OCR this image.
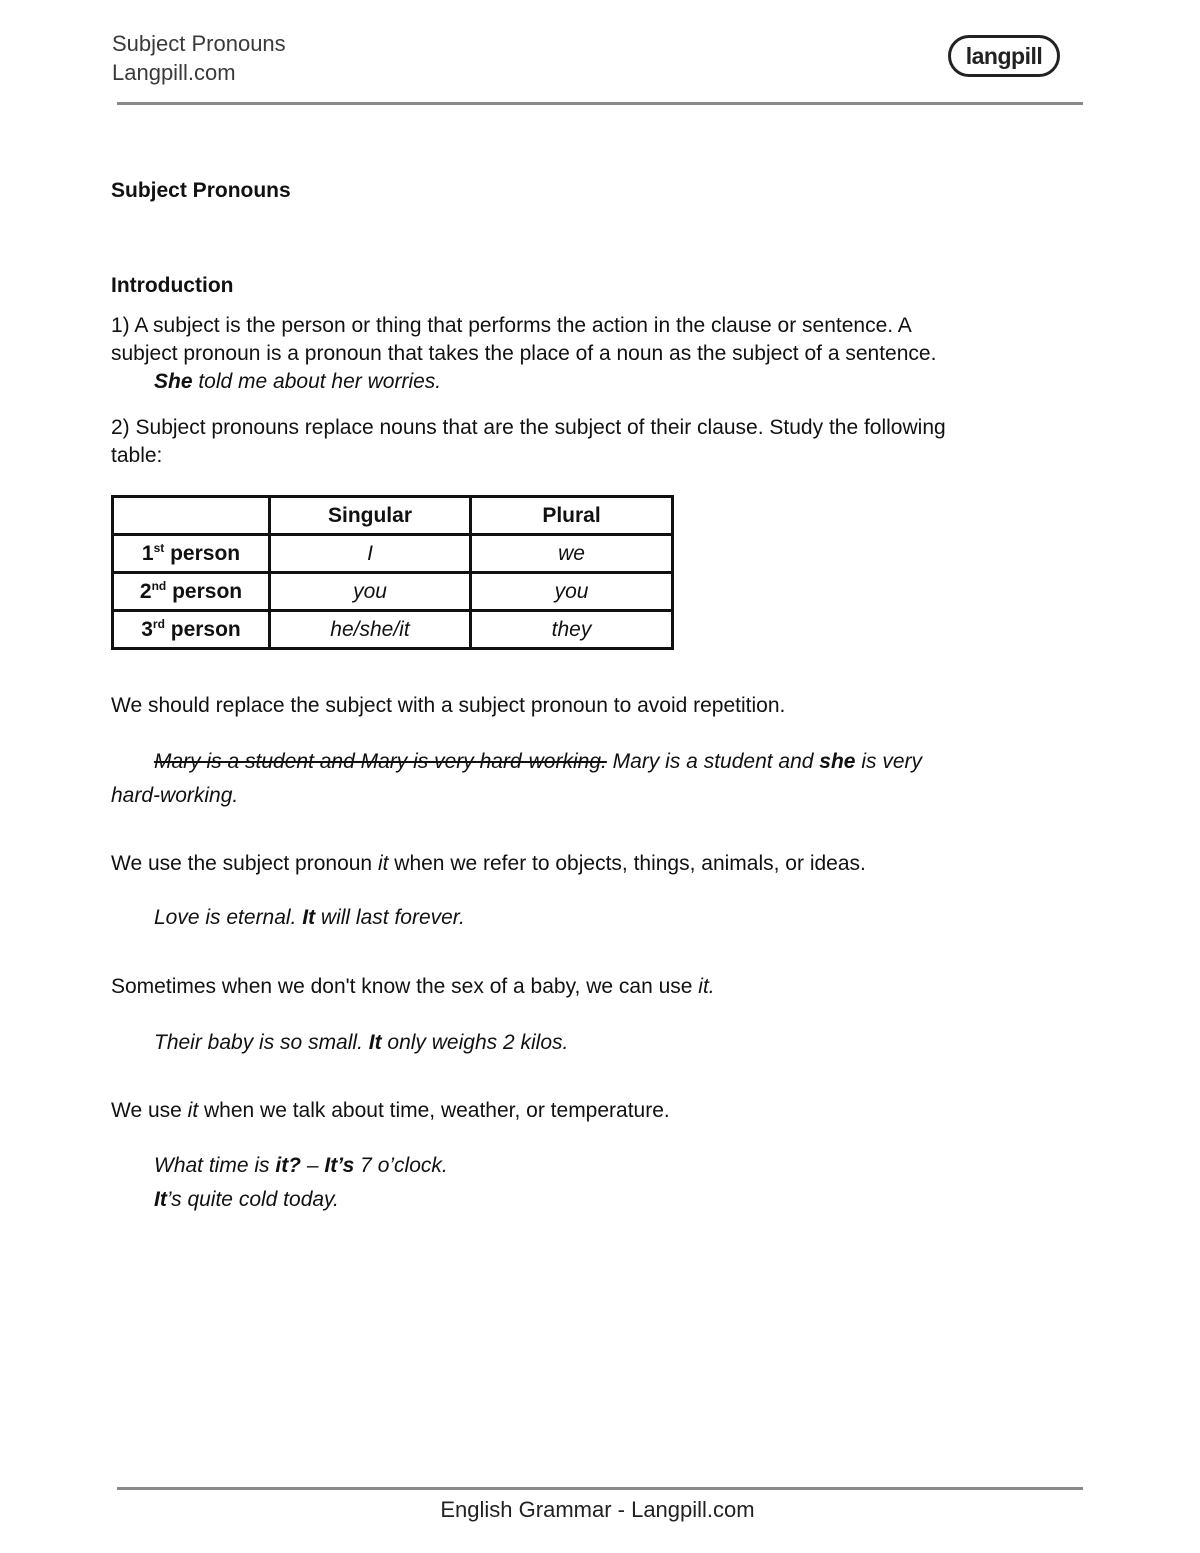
Subject Pronouns
Langpill.com
langpill
Subject Pronouns
Introduction
1) A subject is the person or thing that performs the action in the clause or sentence. A
subject pronoun is a pronoun that takes the place of a noun as the subject of a sentence.
She told me about her worries.
2) Subject pronouns replace nouns that are the subject of their clause. Study the following
table:
	Singular	Plural
1st person	I	we
2nd person	you	you
3rd person	he/she/it	they
We should replace the subject with a subject pronoun to avoid repetition.
Mary is a student and Mary is very hard-working. Mary is a student and she is very
hard-working.
We use the subject pronoun it when we refer to objects, things, animals, or ideas.
Love is eternal. It will last forever.
Sometimes when we don't know the sex of a baby, we can use it.
Their baby is so small. It only weighs 2 kilos.
We use it when we talk about time, weather, or temperature.
What time is it? – It’s 7 o’clock.
It’s quite cold today.
English Grammar - Langpill.com
